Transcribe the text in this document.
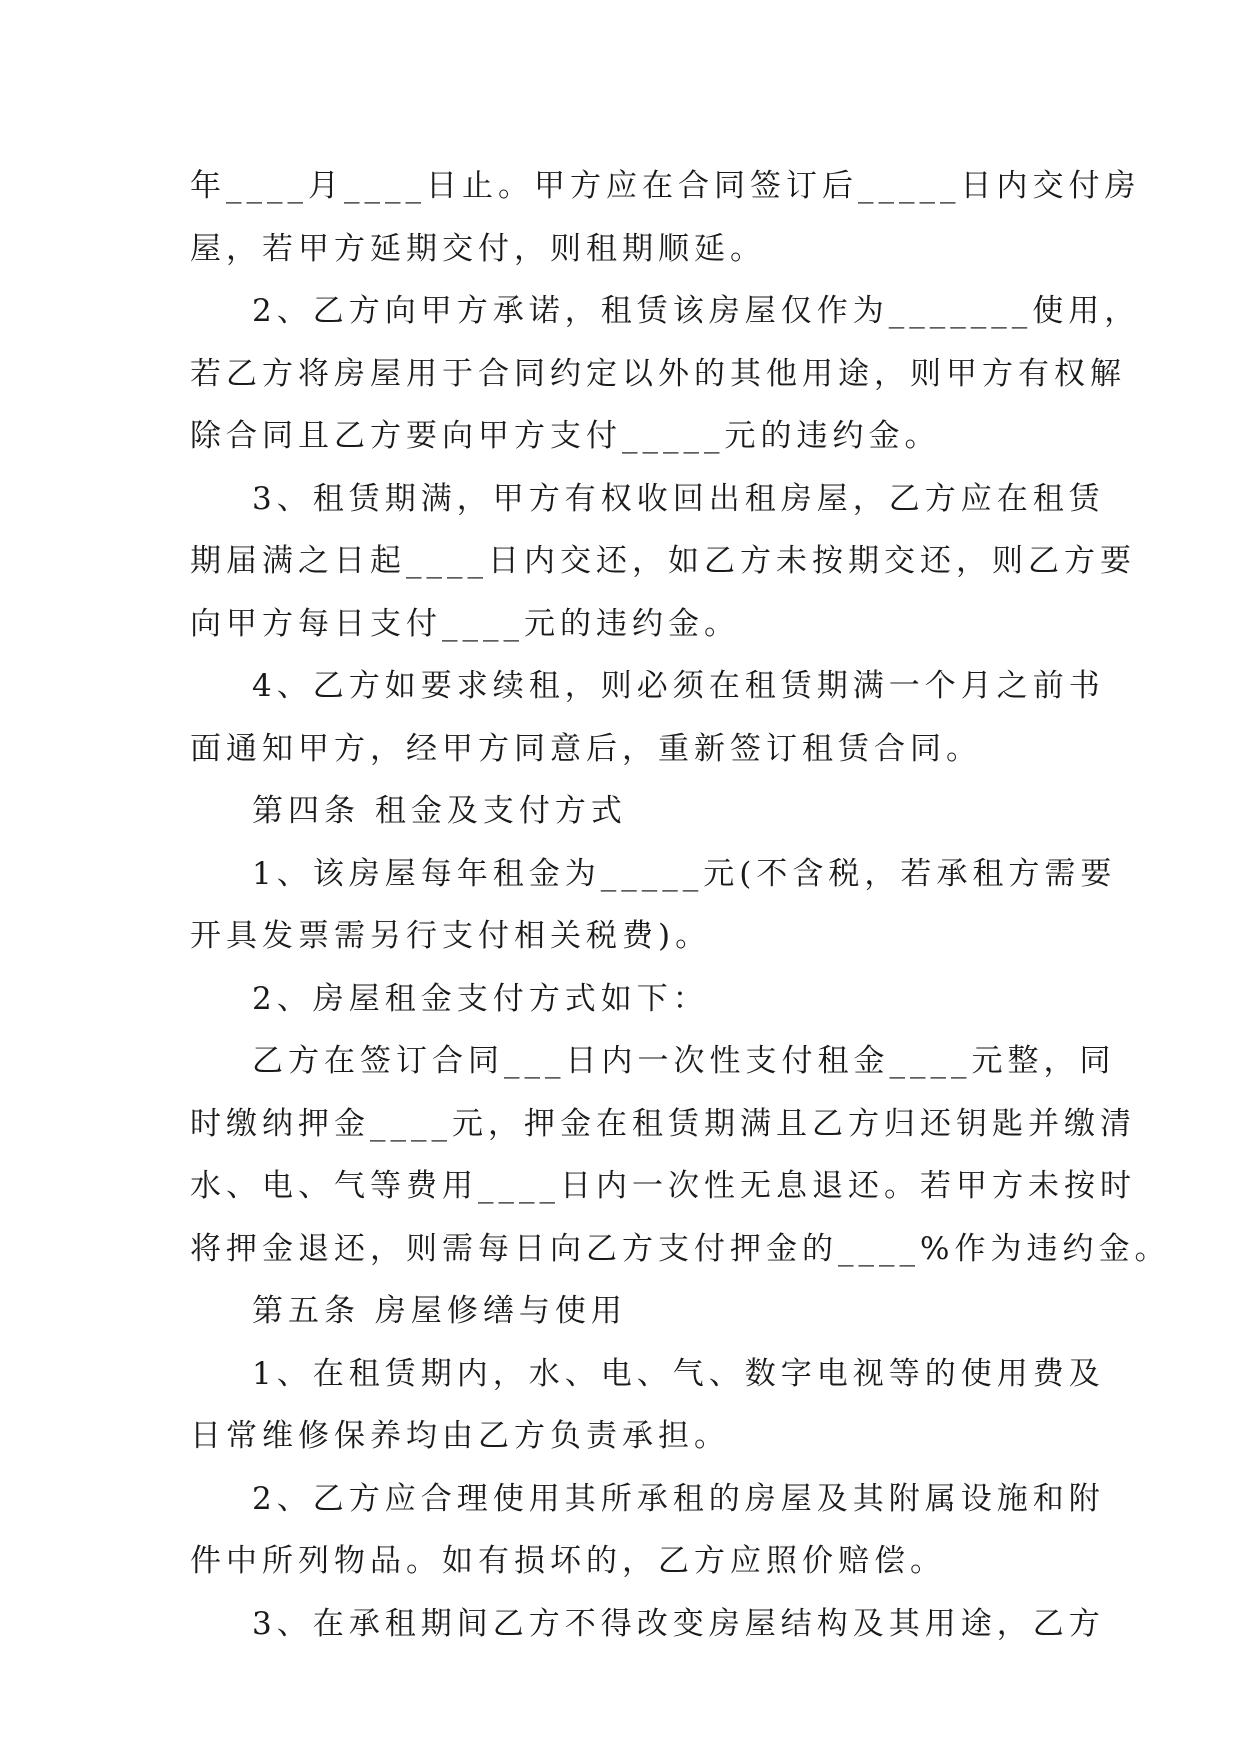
年____月____日止。甲方应在合同签订后_____日内交付房
屋，若甲方延期交付，则租期顺延。
2、乙方向甲方承诺，租赁该房屋仅作为_______使用，
若乙方将房屋用于合同约定以外的其他用途，则甲方有权解
除合同且乙方要向甲方支付_____元的违约金。
3、租赁期满，甲方有权收回出租房屋，乙方应在租赁
期届满之日起____日内交还，如乙方未按期交还，则乙方要
向甲方每日支付____元的违约金。
4、乙方如要求续租，则必须在租赁期满一个月之前书
面通知甲方，经甲方同意后，重新签订租赁合同。
第四条 租金及支付方式
1、该房屋每年租金为_____元(不含税，若承租方需要
开具发票需另行支付相关税费)。
2、房屋租金支付方式如下：
乙方在签订合同___日内一次性支付租金____元整，同
时缴纳押金____元，押金在租赁期满且乙方归还钥匙并缴清
水、电、气等费用____日内一次性无息退还。若甲方未按时
将押金退还，则需每日向乙方支付押金的____%作为违约金。
第五条 房屋修缮与使用
1、在租赁期内，水、电、气、数字电视等的使用费及
日常维修保养均由乙方负责承担。
2、乙方应合理使用其所承租的房屋及其附属设施和附
件中所列物品。如有损坏的，乙方应照价赔偿。
3、在承租期间乙方不得改变房屋结构及其用途，乙方
